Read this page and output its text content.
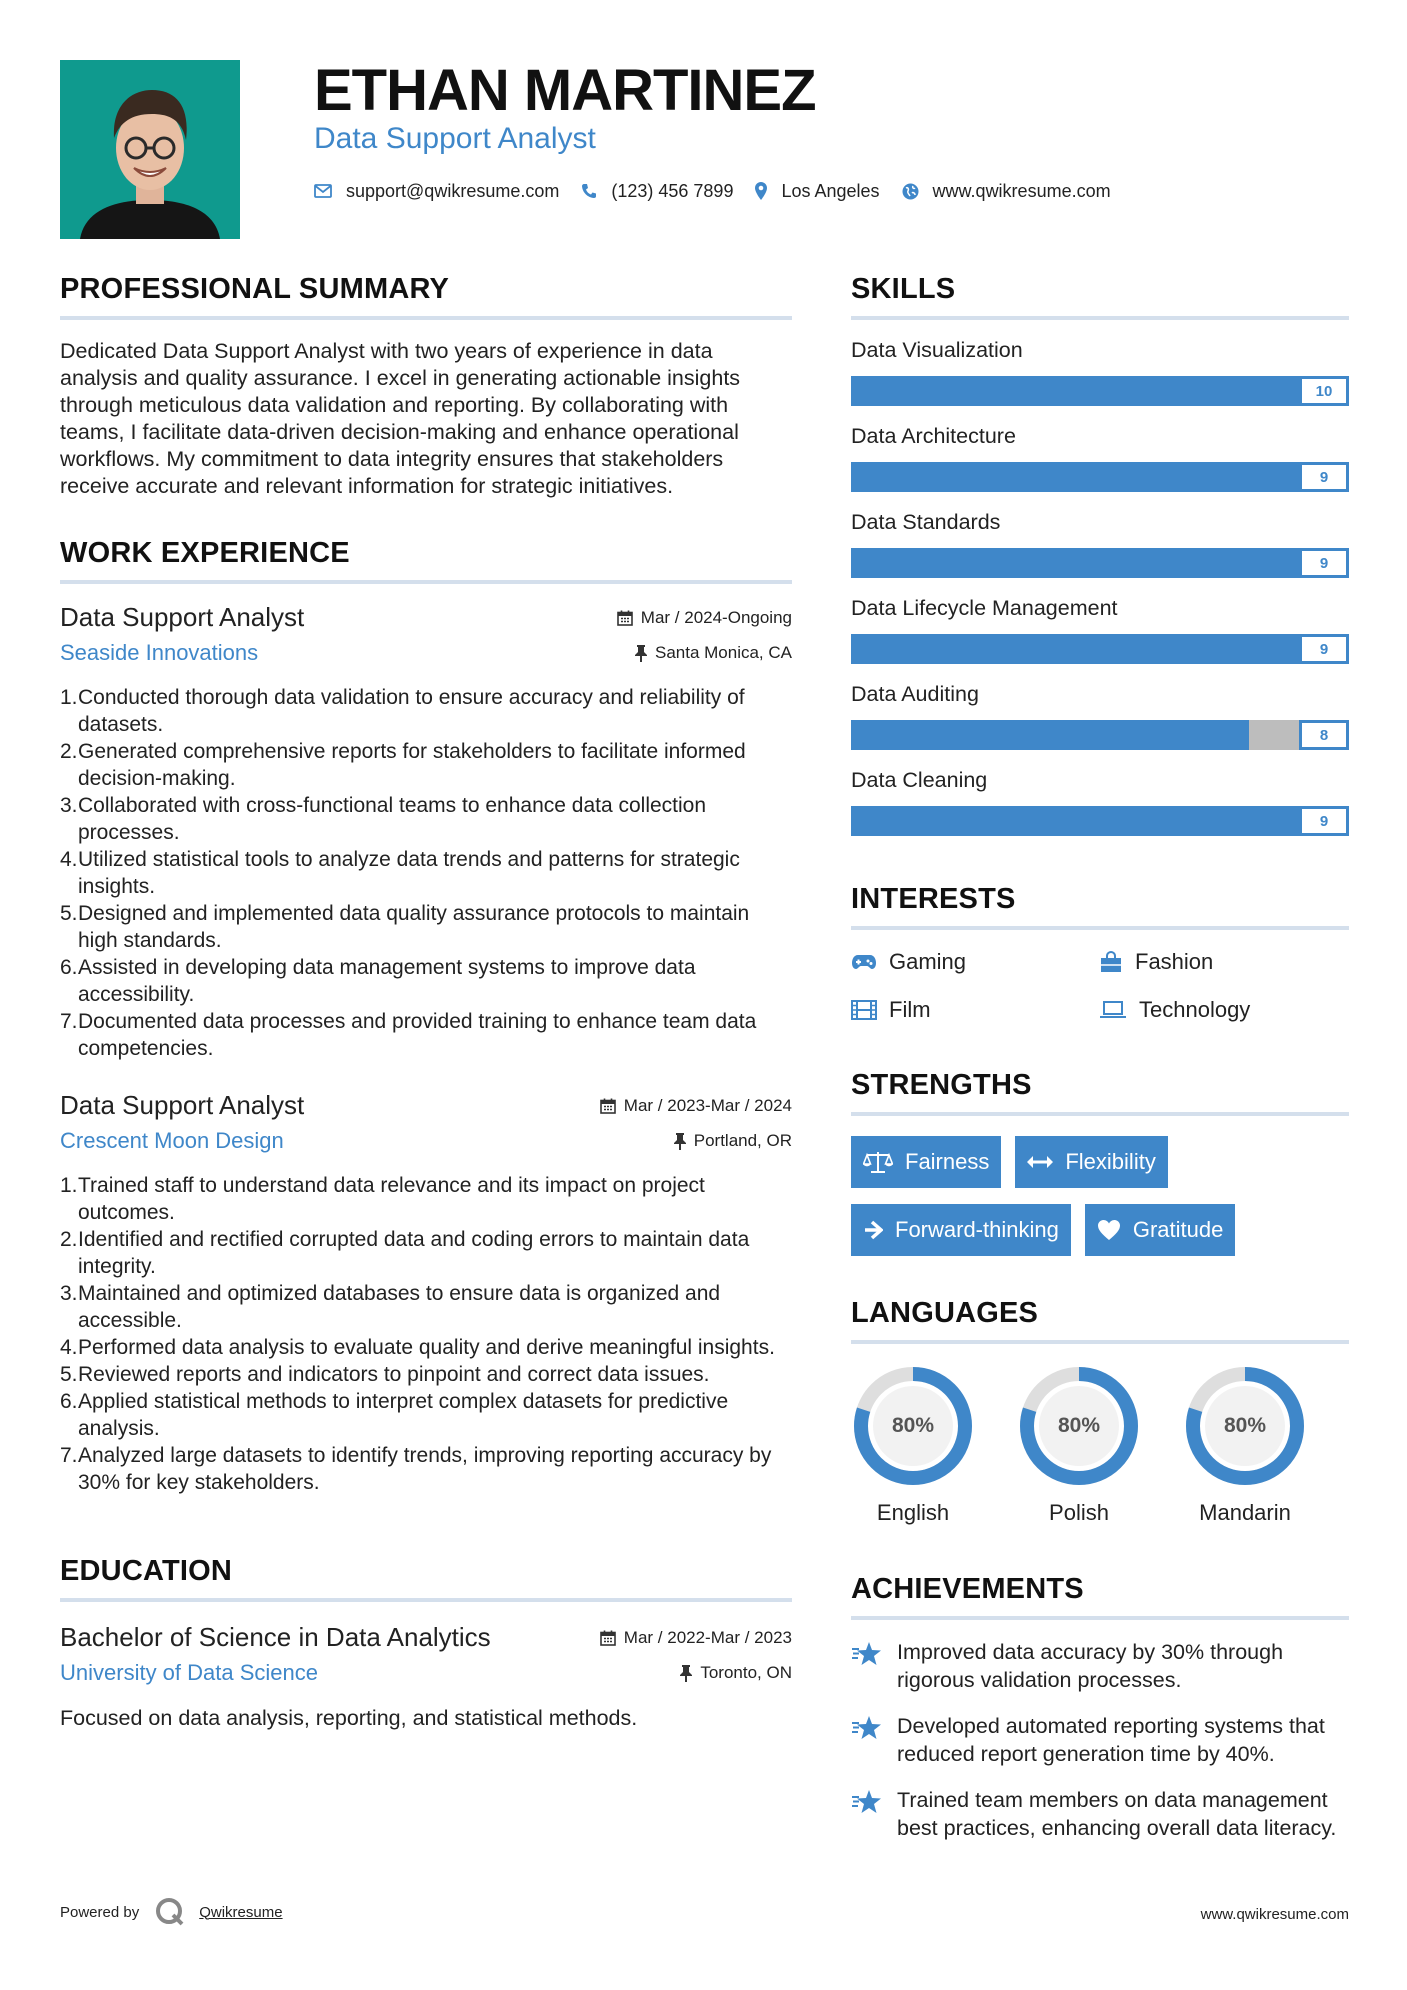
ETHAN MARTINEZ
Data Support Analyst
support@qwikresume.com	(123) 456 7899	Los Angeles	www.qwikresume.com
PROFESSIONAL SUMMARY

Dedicated Data Support Analyst with two years of experience in data analysis and quality assurance. I excel in generating actionable insights through meticulous data validation and reporting. By collaborating with teams, I facilitate data-driven decision-making and enhance operational workflows. My commitment to data integrity ensures that stakeholders receive accurate and relevant information for strategic initiatives.

WORK EXPERIENCE
Data Support Analyst	Mar / 2024-Ongoing
Seaside Innovations	Santa Monica, CA
1. Conducted thorough data validation to ensure accuracy and reliability of datasets.
2. Generated comprehensive reports for stakeholders to facilitate informed decision-making.
3. Collaborated with cross-functional teams to enhance data collection processes.
4. Utilized statistical tools to analyze data trends and patterns for strategic insights.
5. Designed and implemented data quality assurance protocols to maintain high standards.
6. Assisted in developing data management systems to improve data accessibility.
7. Documented data processes and provided training to enhance team data competencies.
Data Support Analyst	Mar / 2023-Mar / 2024
Crescent Moon Design	Portland, OR
1. Trained staff to understand data relevance and its impact on project outcomes.
2. Identified and rectified corrupted data and coding errors to maintain data integrity.
3. Maintained and optimized databases to ensure data is organized and accessible.
4. Performed data analysis to evaluate quality and derive meaningful insights.
5. Reviewed reports and indicators to pinpoint and correct data issues.
6. Applied statistical methods to interpret complex datasets for predictive analysis.
7. Analyzed large datasets to identify trends, improving reporting accuracy by 30% for key stakeholders.
EDUCATION
Bachelor of Science in Data Analytics	Mar / 2022-Mar / 2023
University of Data Science	Toronto, ON

Focused on data analysis, reporting, and statistical methods.

SKILLS
Data Visualization
10
Data Architecture
9
Data Standards
9
Data Lifecycle Management
9
Data Auditing
8
Data Cleaning
9
INTERESTS
Gaming	Fashion
Film	Technology
STRENGTHS
Fairness	Flexibility
Forward-thinking	Gratitude
LANGUAGES
80%
English
80%
Polish
80%
Mandarin
ACHIEVEMENTS
Improved data accuracy by 30% through rigorous validation processes.
Developed automated reporting systems that reduced report generation time by 40%.
Trained team members on data management best practices, enhancing overall data literacy.
Powered by	Qwikresume	www.qwikresume.com
